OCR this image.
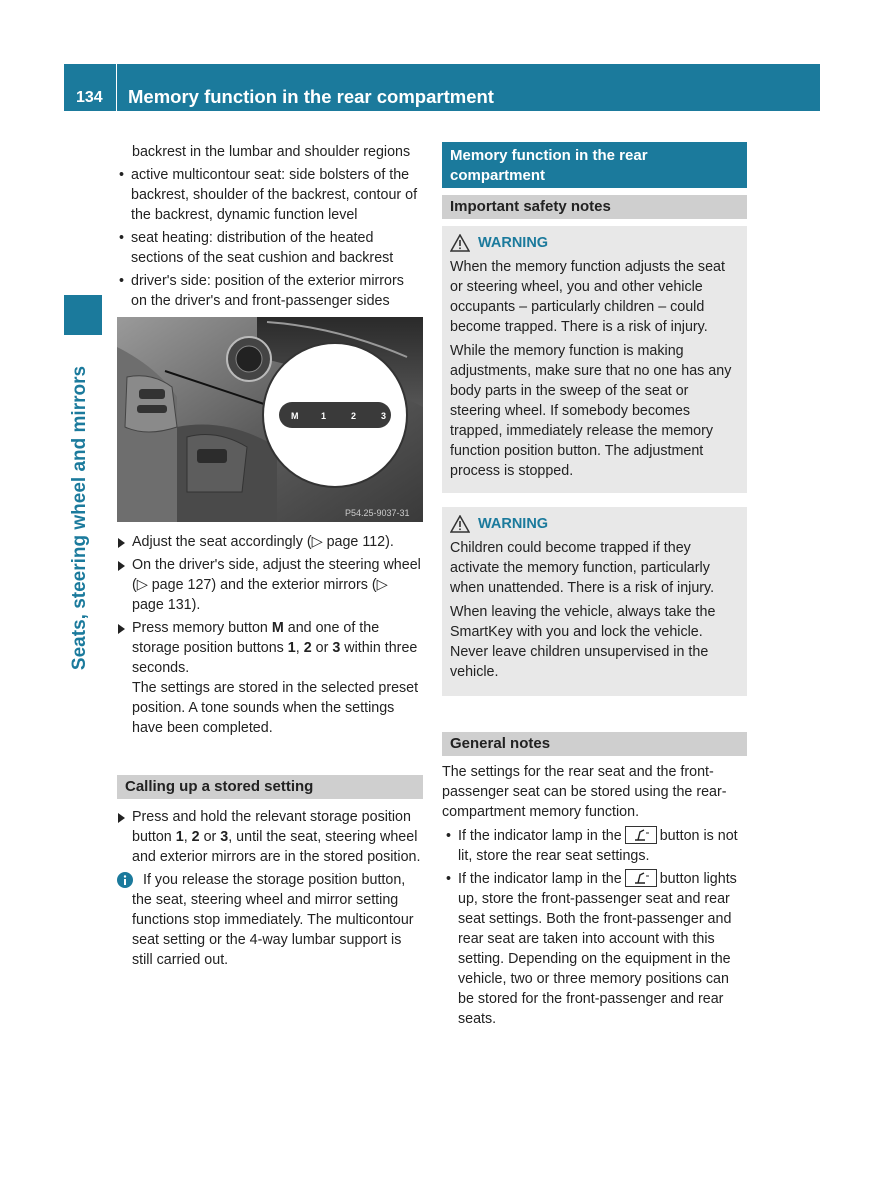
134 Memory function in the rear compartment
Seats, steering wheel and mirrors

backrest in the lumbar and shoulder regions

• active multicontour seat: side bolsters of the backrest, shoulder of the backrest, contour of the backrest, dynamic function level
• seat heating: distribution of the heated sections of the seat cushion and backrest
• driver's side: position of the exterior mirrors on the driver's and front-passenger sides
M	1	2	3
P54.25-9037-31
Adjust the seat accordingly (▷ page 112).
On the driver's side, adjust the steering wheel (▷ page 127) and the exterior mirrors (▷ page 131).
Press memory button M and one of the storage position buttons 1, 2 or 3 within three seconds.

The settings are stored in the selected preset position. A tone sounds when the settings have been completed.

Calling up a stored setting
Press and hold the relevant storage position button 1, 2 or 3, until the seat, steering wheel and exterior mirrors are in the stored position.

If you release the storage position button, the seat, steering wheel and mirror setting functions stop immediately. The multicontour seat setting or the 4-way lumbar support is still carried out.

Memory function in the rear compartment
Important safety notes
WARNING

When the memory function adjusts the seat or steering wheel, you and other vehicle occupants – particularly children – could become trapped. There is a risk of injury.

While the memory function is making adjustments, make sure that no one has any body parts in the sweep of the seat or steering wheel. If somebody becomes trapped, immediately release the memory function position button. The adjustment process is stopped.

WARNING

Children could become trapped if they activate the memory function, particularly when unattended. There is a risk of injury.

When leaving the vehicle, always take the SmartKey with you and lock the vehicle. Never leave children unsupervised in the vehicle.

General notes

The settings for the rear seat and the front-passenger seat can be stored using the rear-compartment memory function.

• If the indicator lamp in the	button is not lit, store the rear seat settings.
• If the indicator lamp in the	button lights up, store the front-passenger seat and rear seat settings. Both the front-passenger and rear seat are taken into account with this setting. Depending on the equipment in the vehicle, two or three memory positions can be stored for the front-passenger and rear seats.
